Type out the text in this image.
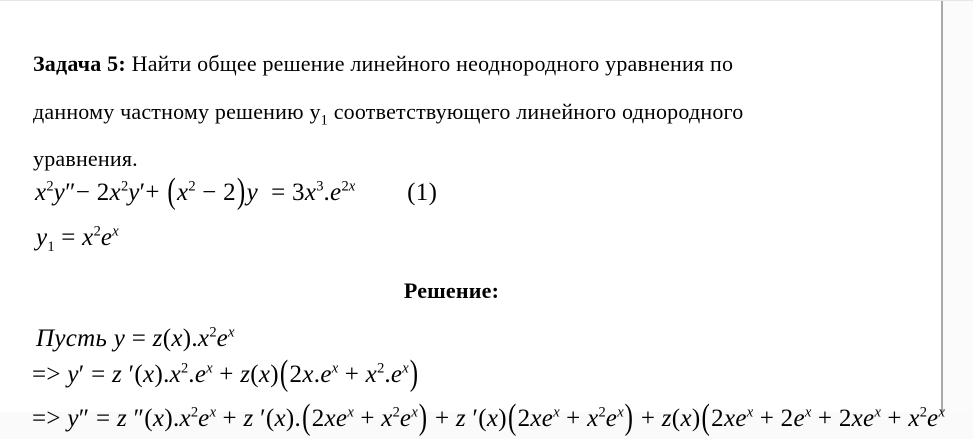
Задача 5: Найти общее решение линейного неоднородного уравнения по

данному частному решению $y_1$ соответствующего линейного однородного

уравнения.

$x^2y''- 2x^2y'+ (x^2 - 2)y = 3x^3.e^{2x}$ (1)

$y_1 = x^2e^x$

Решение:

Пусть $y = z(x).x^2e^x$

=> y′ = z $'(x).x^2.e^x + z(x)(2x.e^x + x^2.e^x)$

=> y″ = z $''(x).x^2e^x + z$ $'(x).(2xe^x + x^2e^x) + z$ $'(x)(2xe^x + x^2e^x) + z(x)(2xe^x + 2e^x + 2xe^x + x^2e^x$
